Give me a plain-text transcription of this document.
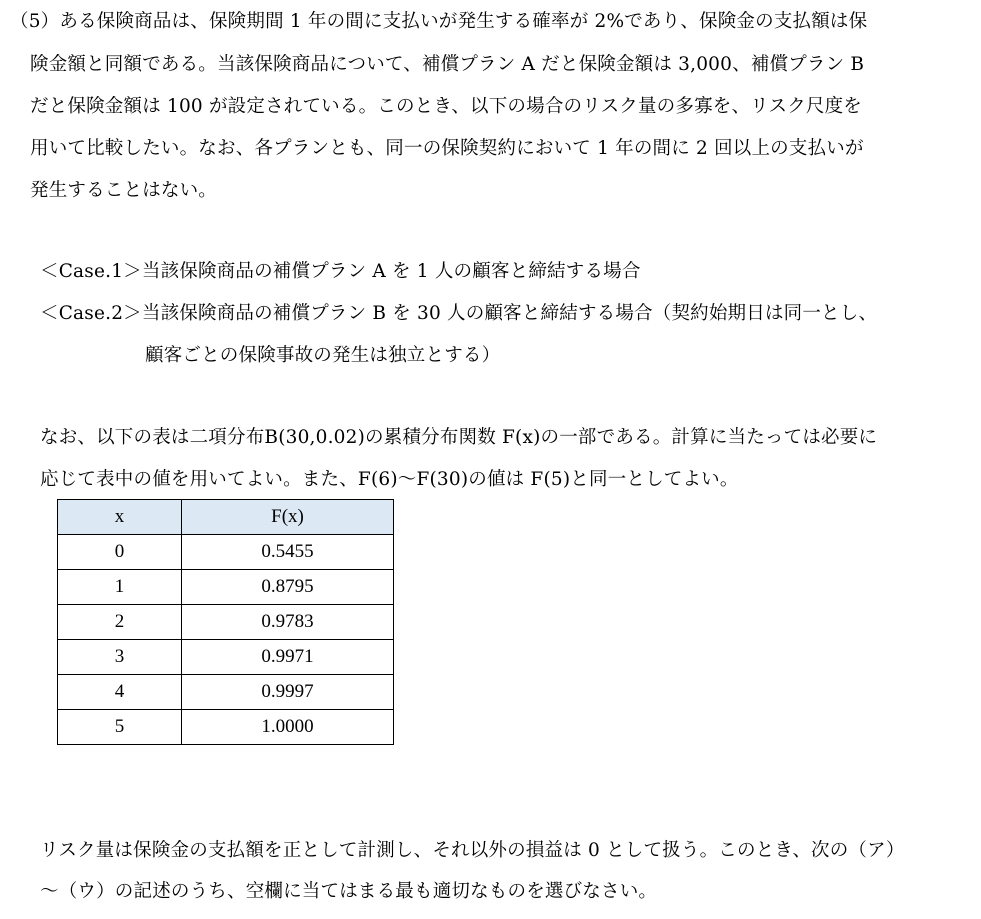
（5）ある保険商品は、保険期間 1 年の間に支払いが発生する確率が 2%であり、保険金の支払額は保
険金額と同額である。当該保険商品について、補償プラン A だと保険金額は 3,000、補償プラン B
だと保険金額は 100 が設定されている。このとき、以下の場合のリスク量の多寡を、リスク尺度を
用いて比較したい。なお、各プランとも、同一の保険契約において 1 年の間に 2 回以上の支払いが
発生することはない。
＜Case.1＞当該保険商品の補償プラン A を 1 人の顧客と締結する場合
＜Case.2＞当該保険商品の補償プラン B を 30 人の顧客と締結する場合（契約始期日は同一とし、
顧客ごとの保険事故の発生は独立とする）
なお、以下の表は二項分布B(30,0.02)の累積分布関数 F(x)の一部である。計算に当たっては必要に
応じて表中の値を用いてよい。また、F(6)～F(30)の値は F(5)と同一としてよい。
x	F(x)
0	0.5455
1	0.8795
2	0.9783
3	0.9971
4	0.9997
5	1.0000
リスク量は保険金の支払額を正として計測し、それ以外の損益は 0 として扱う。このとき、次の（ア）
～（ウ）の記述のうち、空欄に当てはまる最も適切なものを選びなさい。
